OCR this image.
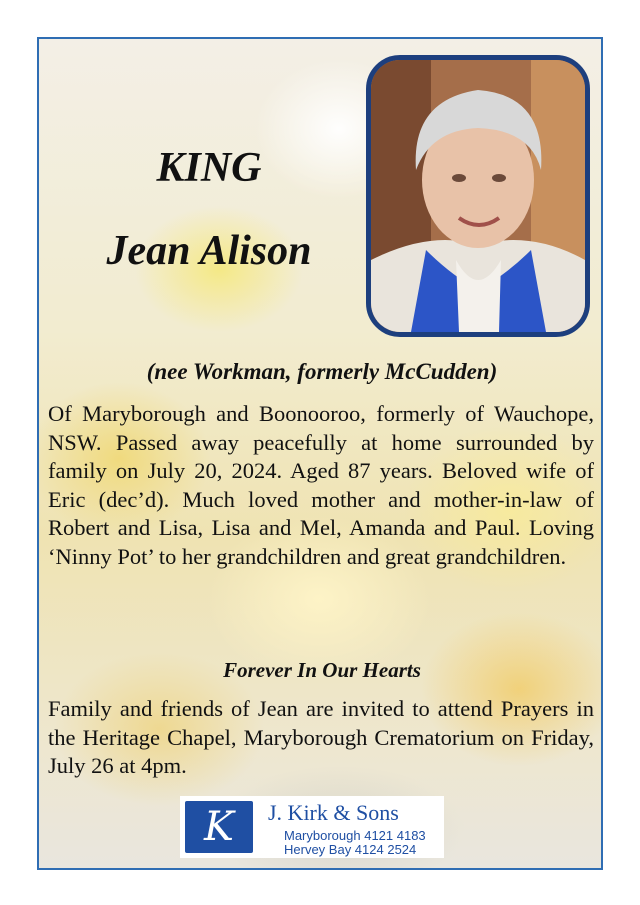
KING
Jean Alison
(nee Workman, formerly McCudden)

Of Maryborough and Boonooroo, formerly of Wauchope, NSW. Passed away peacefully at home surrounded by family on July 20, 2024. Aged 87 years. Beloved wife of Eric (dec’d). Much loved mother and mother-in-law of Robert and Lisa, Lisa and Mel, Amanda and Paul. Loving ‘Ninny Pot’ to her grandchildren and great grandchildren.

Forever In Our Hearts

Family and friends of Jean are invited to attend Prayers in the Heritage Chapel, Maryborough Crematorium on Friday, July 26 at 4pm.

K	J. Kirk & Sons
Maryborough 4121 4183
Hervey Bay 4124 2524
